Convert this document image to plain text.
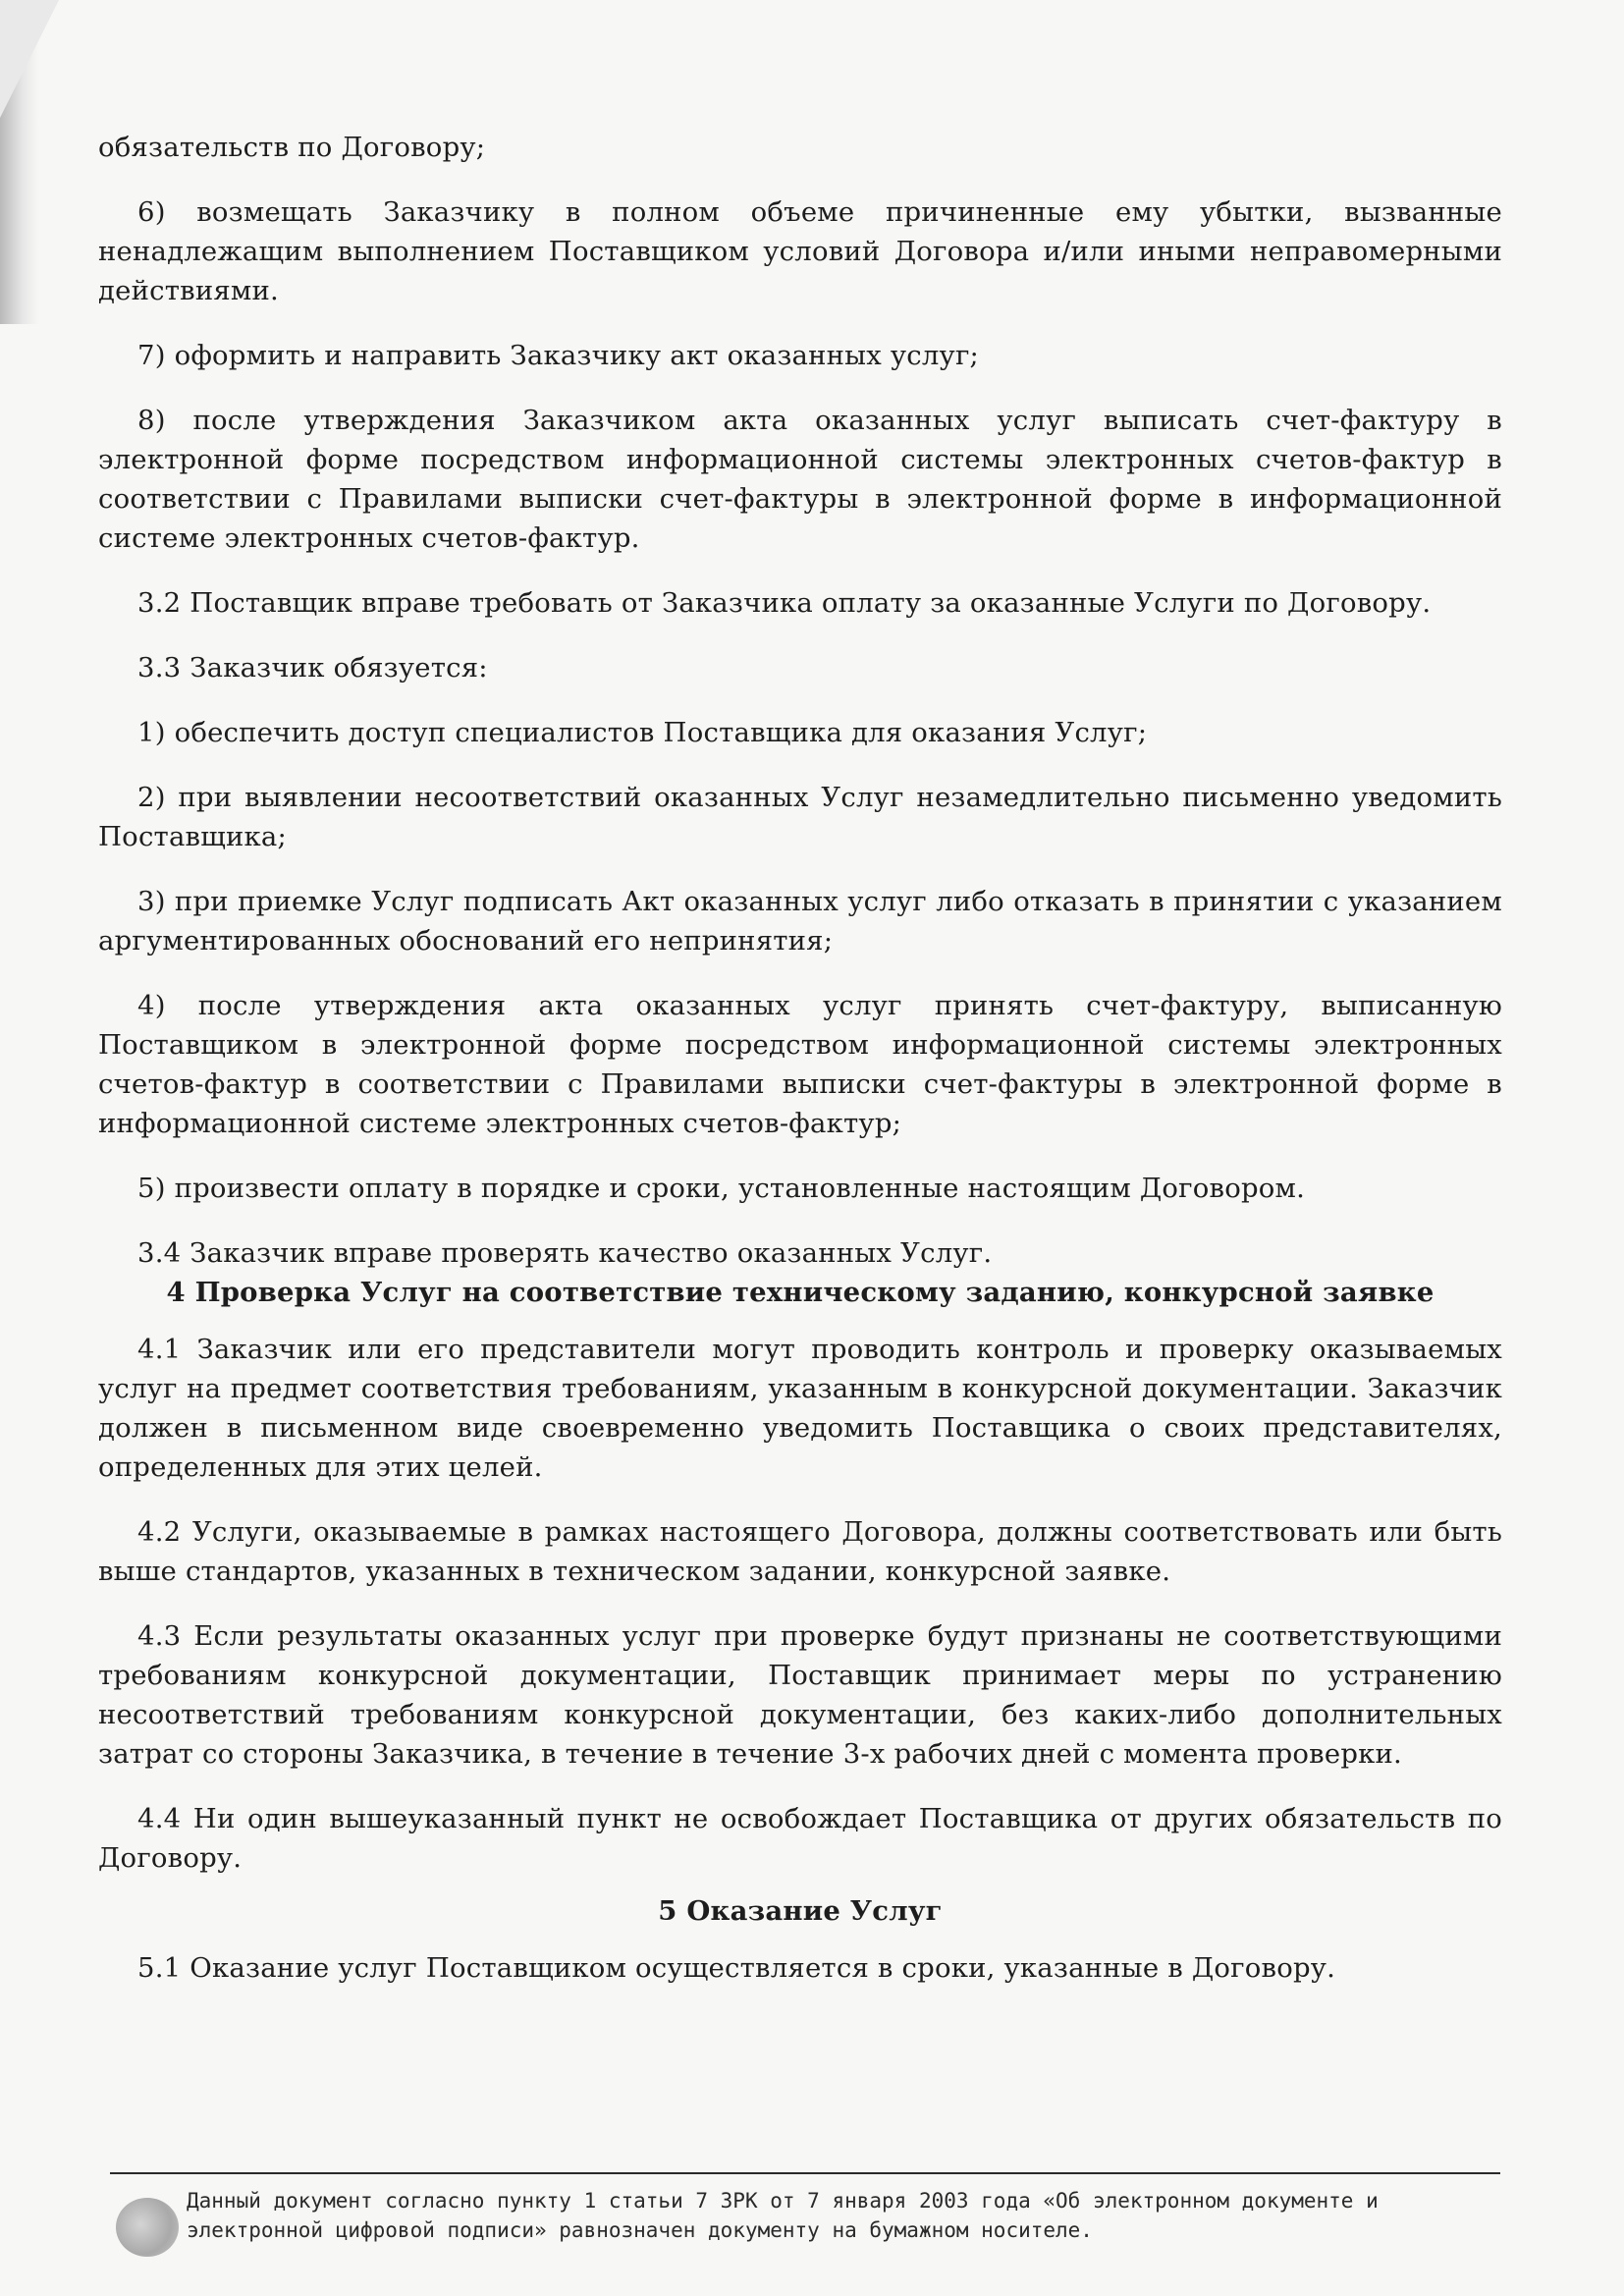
обязательств по Договору;

6) возмещать Заказчику в полном объеме причиненные ему убытки, вызванные ненадлежащим выполнением Поставщиком условий Договора и/или иными неправомерными действиями.

7) оформить и направить Заказчику акт оказанных услуг;

8) после утверждения Заказчиком акта оказанных услуг выписать счет-фактуру в электронной форме посредством информационной системы электронных счетов-фактур в соответствии с Правилами выписки счет-фактуры в электронной форме в информационной системе электронных счетов-фактур.

3.2 Поставщик вправе требовать от Заказчика оплату за оказанные Услуги по Договору.

3.3 Заказчик обязуется:

1) обеспечить доступ специалистов Поставщика для оказания Услуг;

2) при выявлении несоответствий оказанных Услуг незамедлительно письменно уведомить Поставщика;

3) при приемке Услуг подписать Акт оказанных услуг либо отказать в принятии с указанием аргументированных обоснований его непринятия;

4) после утверждения акта оказанных услуг принять счет-фактуру, выписанную Поставщиком в электронной форме посредством информационной системы электронных счетов-фактур в соответствии с Правилами выписки счет-фактуры в электронной форме в информационной системе электронных счетов-фактур;

5) произвести оплату в порядке и сроки, установленные настоящим Договором.

3.4 Заказчик вправе проверять качество оказанных Услуг.

4 Проверка Услуг на соответствие техническому заданию, конкурсной заявке

4.1 Заказчик или его представители могут проводить контроль и проверку оказываемых услуг на предмет соответствия требованиям, указанным в конкурсной документации. Заказчик должен в письменном виде своевременно уведомить Поставщика о своих представителях, определенных для этих целей.

4.2 Услуги, оказываемые в рамках настоящего Договора, должны соответствовать или быть выше стандартов, указанных в техническом задании, конкурсной заявке.

4.3 Если результаты оказанных услуг при проверке будут признаны не соответствующими требованиям конкурсной документации, Поставщик принимает меры по устранению несоответствий требованиям конкурсной документации, без каких-либо дополнительных затрат со стороны Заказчика, в течение в течение 3-х рабочих дней с момента проверки.

4.4 Ни один вышеуказанный пункт не освобождает Поставщика от других обязательств по Договору.

5 Оказание Услуг

5.1 Оказание услуг Поставщиком осуществляется в сроки, указанные в Договору.

Данный документ согласно пункту 1 статьи 7 ЗРК от 7 января 2003 года «Об электронном документе и электронной цифровой подписи» равнозначен документу на бумажном носителе.
